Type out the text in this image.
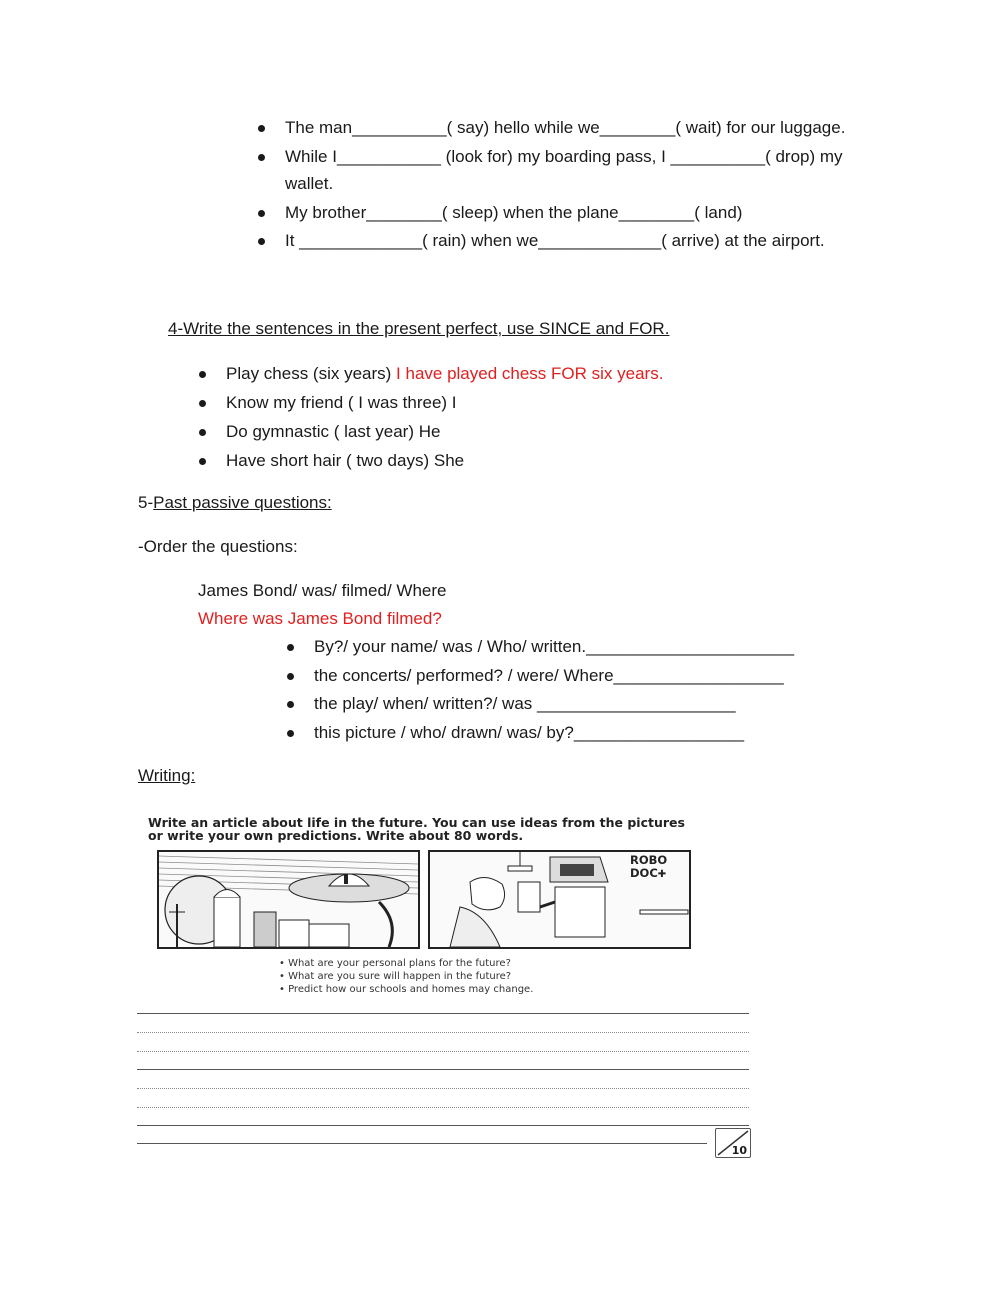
The man__________( say) hello while we________( wait) for our luggage.
While I___________ (look for) my boarding pass, I __________( drop) my
wallet.
My brother________( sleep) when the plane________( land)
It _____________( rain) when we_____________( arrive) at the airport.
4-Write the sentences in the present perfect, use SINCE and FOR.
Play chess (six years) I have played chess FOR six years.
Know my friend ( I was three) I
Do gymnastic ( last year) He
Have short hair ( two days) She
5-Past passive questions:
-Order the questions:
James Bond/ was/ filmed/ Where
Where was James Bond filmed?
By?/ your name/ was / Who/ written.______________________
the concerts/ performed? / were/ Where__________________
the play/ when/ written?/ was _____________________
this picture / who/ drawn/ was/ by?__________________
Writing:
Write an article about life in the future. You can use ideas from the pictures
or write your own predictions. Write about 80 words.
ROBO
DOC✚
• What are your personal plans for the future?
• What are you sure will happen in the future?
• Predict how our schools and homes may change.
10
